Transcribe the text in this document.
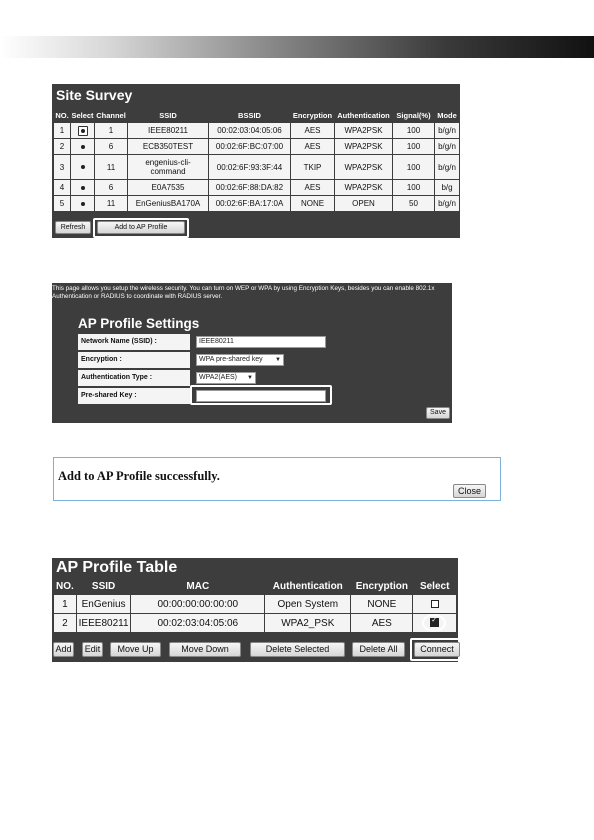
Site Survey
NO.	Select	Channel	SSID	BSSID	Encryption	Authentication	Signal(%)	Mode
1		1	IEEE80211	00:02:03:04:05:06	AES	WPA2PSK	100	b/g/n
2		6	ECB350TEST	00:02:6F:BC:07:00	AES	WPA2PSK	100	b/g/n
3		11	engenius-cli-command	00:02:6F:93:3F:44	TKIP	WPA2PSK	100	b/g/n
4		6	E0A7535	00:02:6F:88:DA:82	AES	WPA2PSK	100	b/g
5		11	EnGeniusBA170A	00:02:6F:BA:17:0A	NONE	OPEN	50	b/g/n
Refresh	Add to AP Profile
This page allows you setup the wireless security. You can turn on WEP or WPA by using Encryption Keys, besides you can enable 802.1x Authentication or RADIUS to coordinate with RADIUS server.
AP Profile Settings
Network Name (SSID) :	IEEE80211
Encryption :	WPA pre-shared key ▼
Authentication Type :	WPA2(AES) ▼
Pre-shared Key :
Save
Add to AP Profile successfully.
Close
AP Profile Table
NO.	SSID	MAC	Authentication	Encryption	Select
1	EnGenius	00:00:00:00:00:00	Open System	NONE	
2	IEEE80211	00:02:03:04:05:06	WPA2_PSK	AES	✓
Add	Edit	Move Up	Move Down	Delete Selected	Delete All	Connect
